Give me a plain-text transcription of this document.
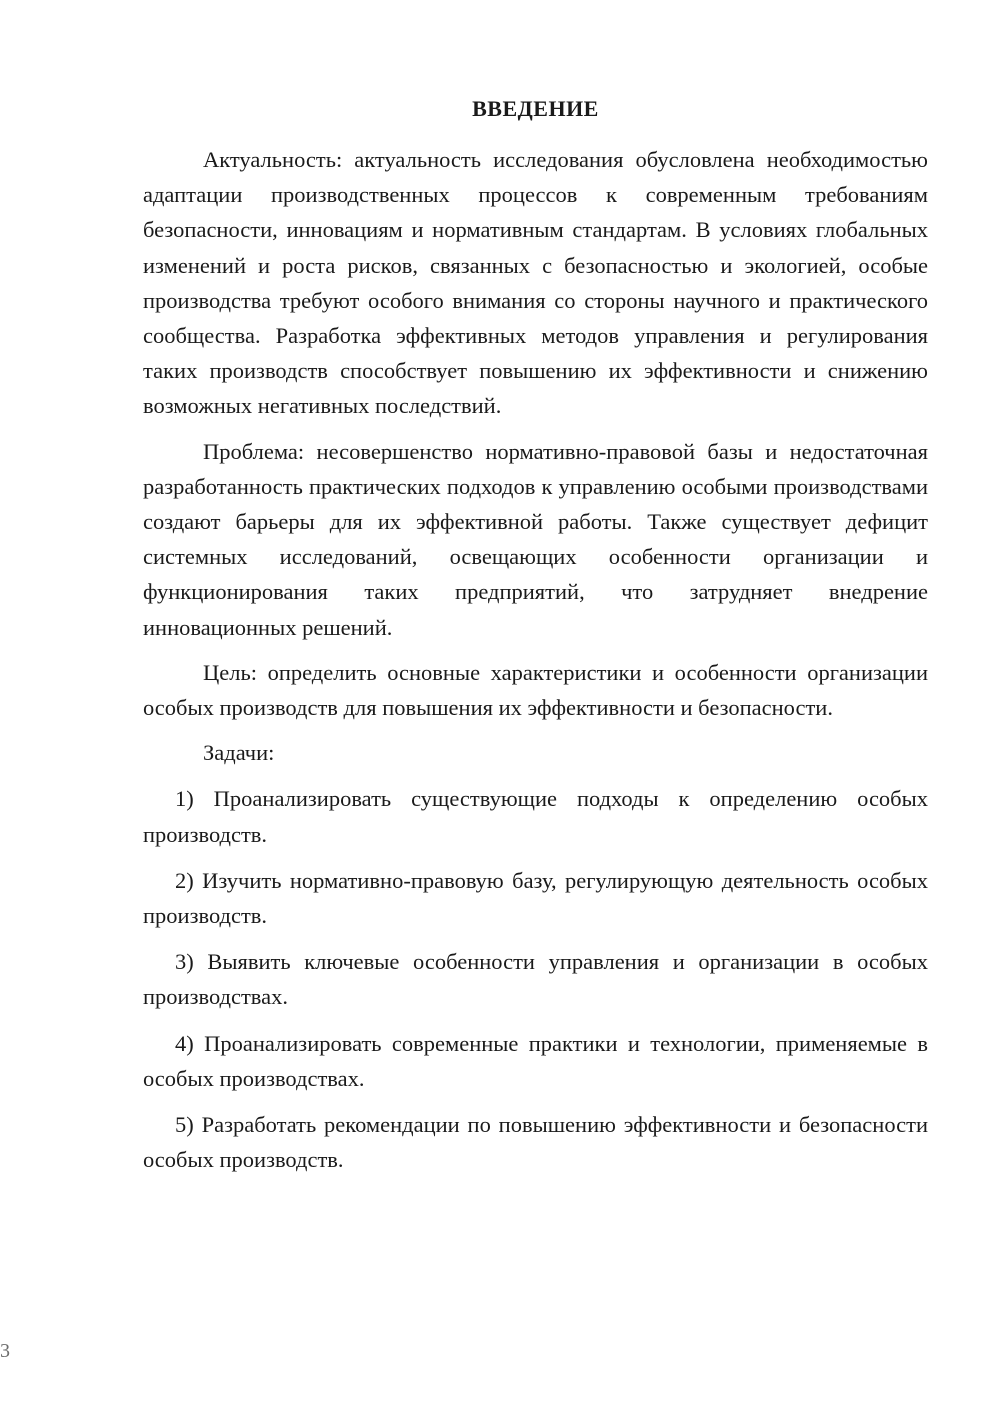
ВВЕДЕНИЕ

Актуальность: актуальность исследования обусловлена необходимостью адаптации производственных процессов к современным требованиям безопасности, инновациям и нормативным стандартам. В условиях глобальных изменений и роста рисков, связанных с безопасностью и экологией, особые производства требуют особого внимания со стороны научного и практического сообщества. Разработка эффективных методов управления и регулирования таких производств способствует повышению их эффективности и снижению возможных негативных последствий.

Проблема: несовершенство нормативно-правовой базы и недостаточная разработанность практических подходов к управлению особыми производствами создают барьеры для их эффективной работы. Также существует дефицит системных исследований, освещающих особенности организации и функционирования таких предприятий, что затрудняет внедрение инновационных решений.

Цель: определить основные характеристики и особенности организации особых производств для повышения их эффективности и безопасности.

Задачи:

1) Проанализировать существующие подходы к определению особых производств.

2) Изучить нормативно-правовую базу, регулирующую деятельность особых производств.

3) Выявить ключевые особенности управления и организации в особых производствах.

4) Проанализировать современные практики и технологии, применяемые в особых производствах.

5) Разработать рекомендации по повышению эффективности и безопасности особых производств.

3
